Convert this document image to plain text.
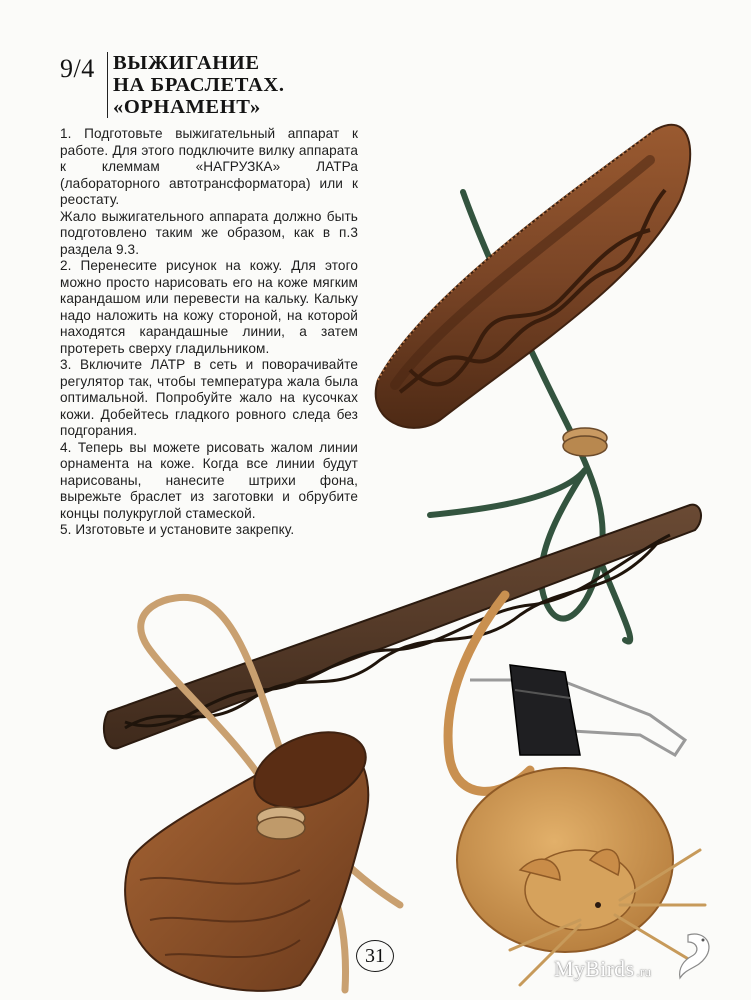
9/4 ВЫЖИГАНИЕ
НА БРАСЛЕТАХ.
«ОРНАМЕНТ»

1. Подготовьте выжигательный аппарат к работе. Для этого подключите вилку аппарата к клеммам «НАГРУЗКА» ЛАТРа (лабораторного автотрансформатора) или к реостату.

Жало выжигательного аппарата должно быть подготовлено таким же образом, как в п.3 раздела 9.3.

2. Перенесите рисунок на кожу. Для этого можно просто нарисовать его на коже мягким карандашом или перевести на кальку. Кальку надо наложить на кожу стороной, на которой находятся карандашные линии, а затем протереть сверху гладильником.

3. Включите ЛАТР в сеть и поворачивайте регулятор так, чтобы температура жала была оптимальной. Попробуйте жало на кусочках кожи. Добейтесь гладкого ровного следа без подгорания.

4. Теперь вы можете рисовать жалом линии орнамента на коже. Когда все линии будут нарисованы, нанесите штрихи фона, вырежьте браслет из заготовки и обрубите концы полукруглой стамеской.

5. Изготовьте и установите закрепку.

31	MyBirds .ru
